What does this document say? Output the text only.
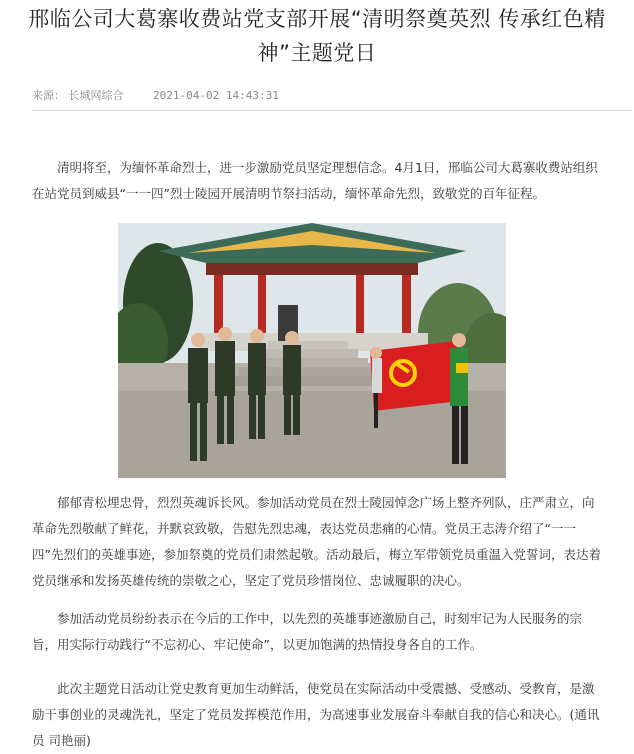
邢临公司大葛寨收费站党支部开展“清明祭奠英烈 传承红色精神”主题党日
来源： 长城网综合	2021-04-02 14:43:31

清明将至，为缅怀革命烈士，进一步激励党员坚定理想信念。4月1日，邢临公司大葛寨收费站组织在站党员到威县“一一四”烈士陵园开展清明节祭扫活动，缅怀革命先烈，致敬党的百年征程。

郁郁青松埋忠骨，烈烈英魂诉长风。参加活动党员在烈士陵园悼念广场上整齐列队，庄严肃立，向革命先烈敬献了鲜花，并默哀致敬，告慰先烈忠魂，表达党员悲痛的心情。党员王志涛介绍了“一一四”先烈们的英雄事迹，参加祭奠的党员们肃然起敬。活动最后，梅立军带领党员重温入党誓词，表达着党员继承和发扬英雄传统的崇敬之心，坚定了党员珍惜岗位、忠诚履职的决心。

参加活动党员纷纷表示在今后的工作中，以先烈的英雄事迹激励自己，时刻牢记为人民服务的宗旨，用实际行动践行“不忘初心、牢记使命”，以更加饱满的热情投身各自的工作。

此次主题党日活动让党史教育更加生动鲜活，使党员在实际活动中受震撼、受感动、受教育，是激励干事创业的灵魂洗礼，坚定了党员发挥模范作用，为高速事业发展奋斗奉献自我的信心和决心。(通讯员 司艳丽)
